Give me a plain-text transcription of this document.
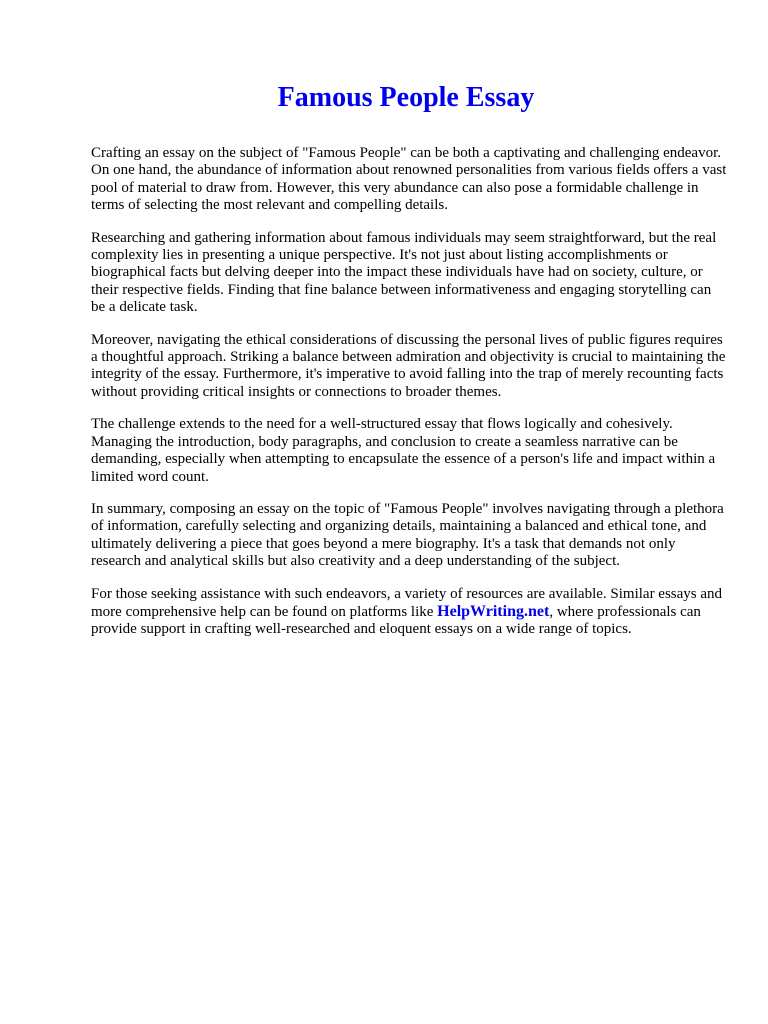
Famous People Essay

Crafting an essay on the subject of "Famous People" can be both a captivating and challenging endeavor. On one hand, the abundance of information about renowned personalities from various fields offers a vast pool of material to draw from. However, this very abundance can also pose a formidable challenge in terms of selecting the most relevant and compelling details.

Researching and gathering information about famous individuals may seem straightforward, but the real complexity lies in presenting a unique perspective. It's not just about listing accomplishments or biographical facts but delving deeper into the impact these individuals have had on society, culture, or their respective fields. Finding that fine balance between informativeness and engaging storytelling can be a delicate task.

Moreover, navigating the ethical considerations of discussing the personal lives of public figures requires a thoughtful approach. Striking a balance between admiration and objectivity is crucial to maintaining the integrity of the essay. Furthermore, it's imperative to avoid falling into the trap of merely recounting facts without providing critical insights or connections to broader themes.

The challenge extends to the need for a well-structured essay that flows logically and cohesively. Managing the introduction, body paragraphs, and conclusion to create a seamless narrative can be demanding, especially when attempting to encapsulate the essence of a person's life and impact within a limited word count.

In summary, composing an essay on the topic of "Famous People" involves navigating through a plethora of information, carefully selecting and organizing details, maintaining a balanced and ethical tone, and ultimately delivering a piece that goes beyond a mere biography. It's a task that demands not only research and analytical skills but also creativity and a deep understanding of the subject.

For those seeking assistance with such endeavors, a variety of resources are available. Similar essays and more comprehensive help can be found on platforms like HelpWriting.net, where professionals can provide support in crafting well-researched and eloquent essays on a wide range of topics.
